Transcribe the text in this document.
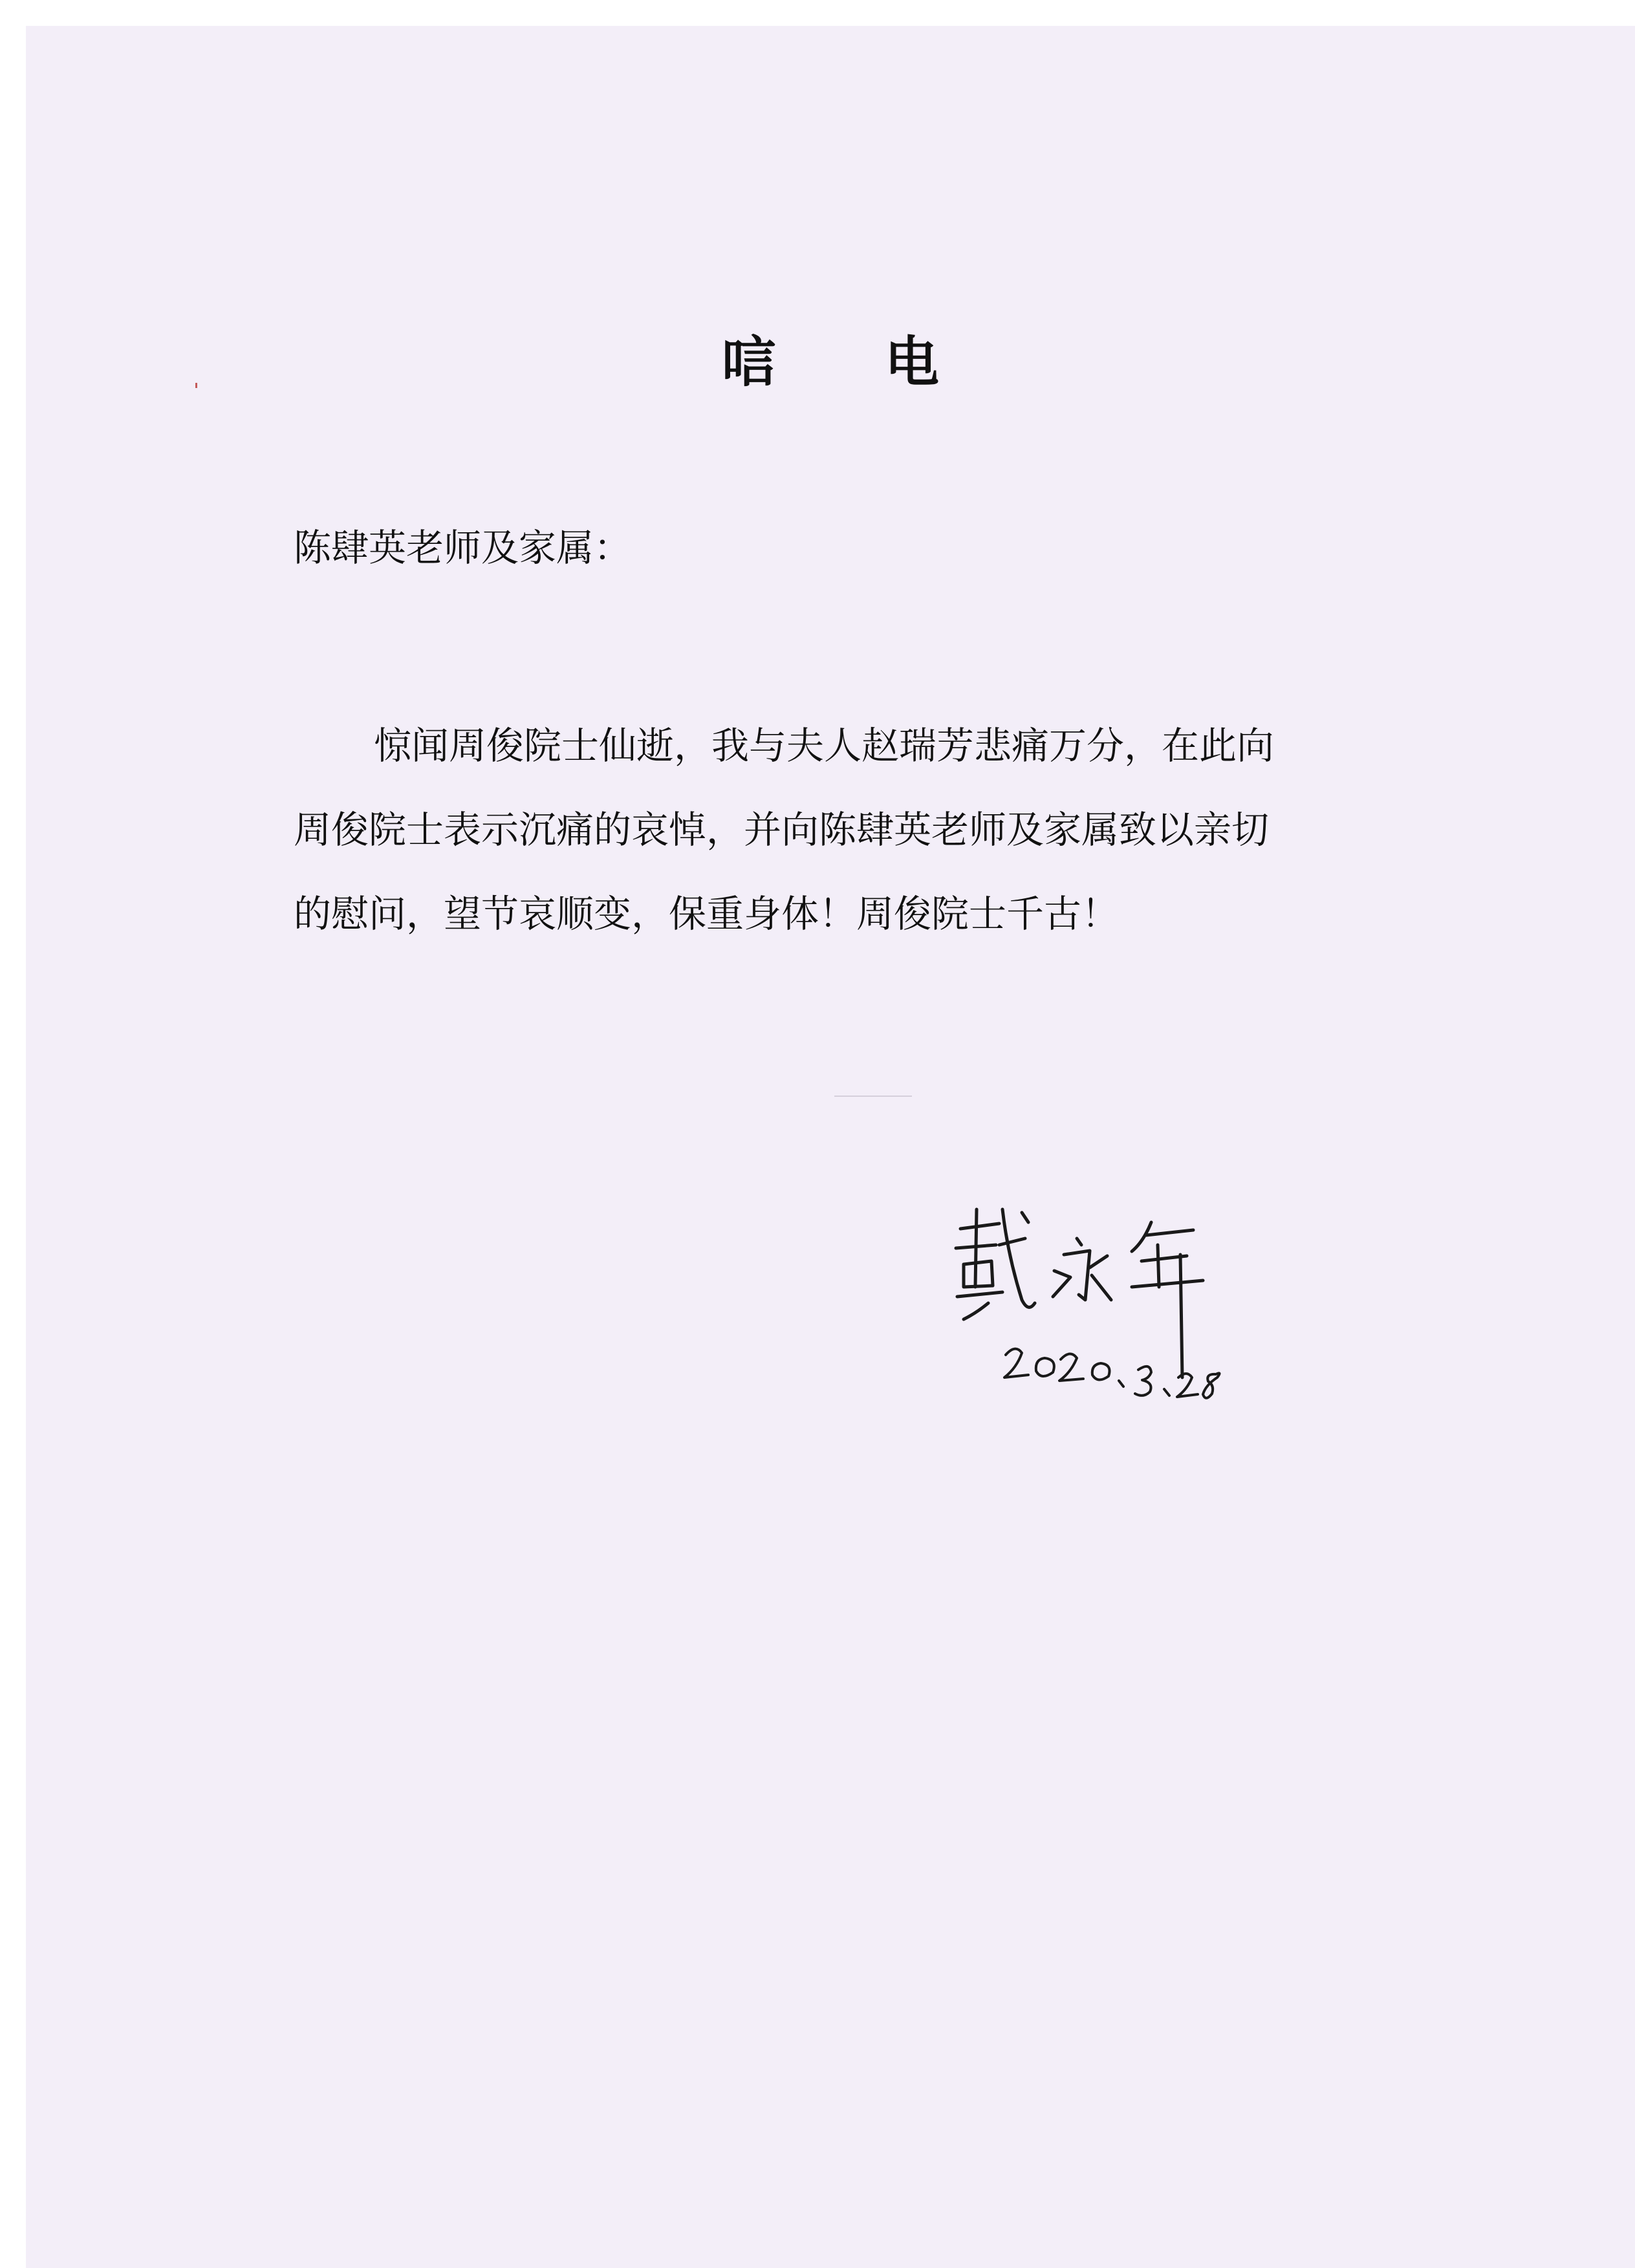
唁　　电
陈肆英老师及家属：
惊闻周俊院士仙逝，我与夫人赵瑞芳悲痛万分，在此向
周俊院士表示沉痛的哀悼，并向陈肆英老师及家属致以亲切
的慰问，望节哀顺变，保重身体！周俊院士千古！
